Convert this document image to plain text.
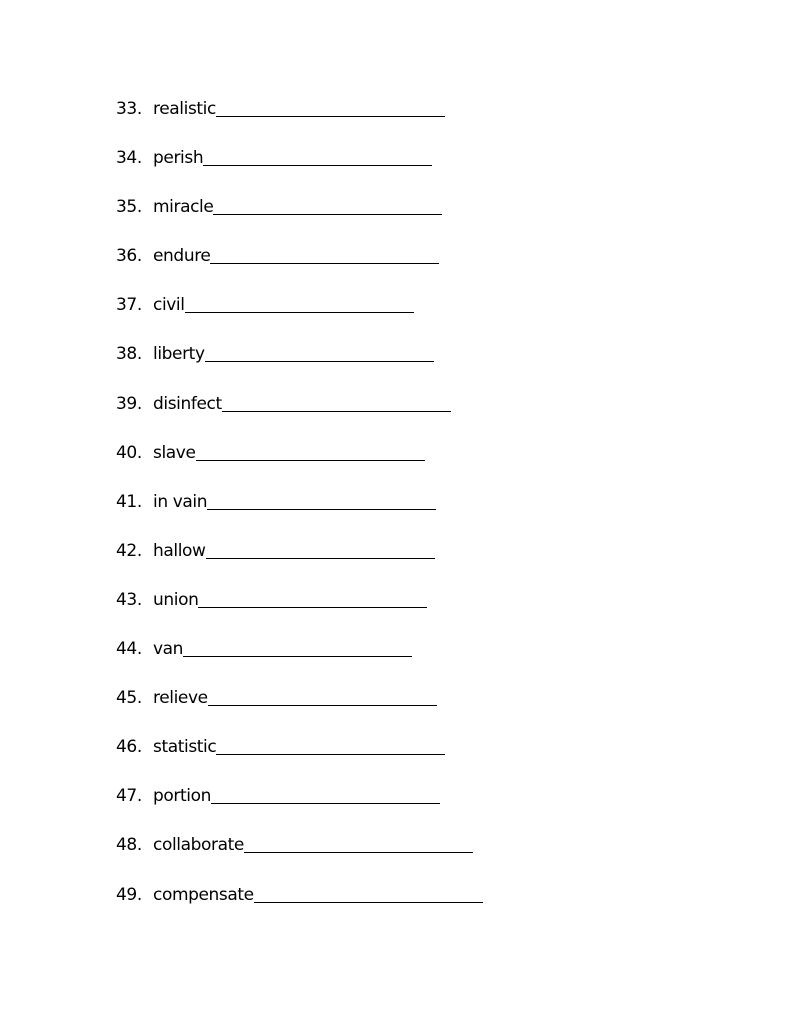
33. realistic
34. perish
35. miracle
36. endure
37. civil
38. liberty
39. disinfect
40. slave
41. in vain
42. hallow
43. union
44. van
45. relieve
46. statistic
47. portion
48. collaborate
49. compensate
